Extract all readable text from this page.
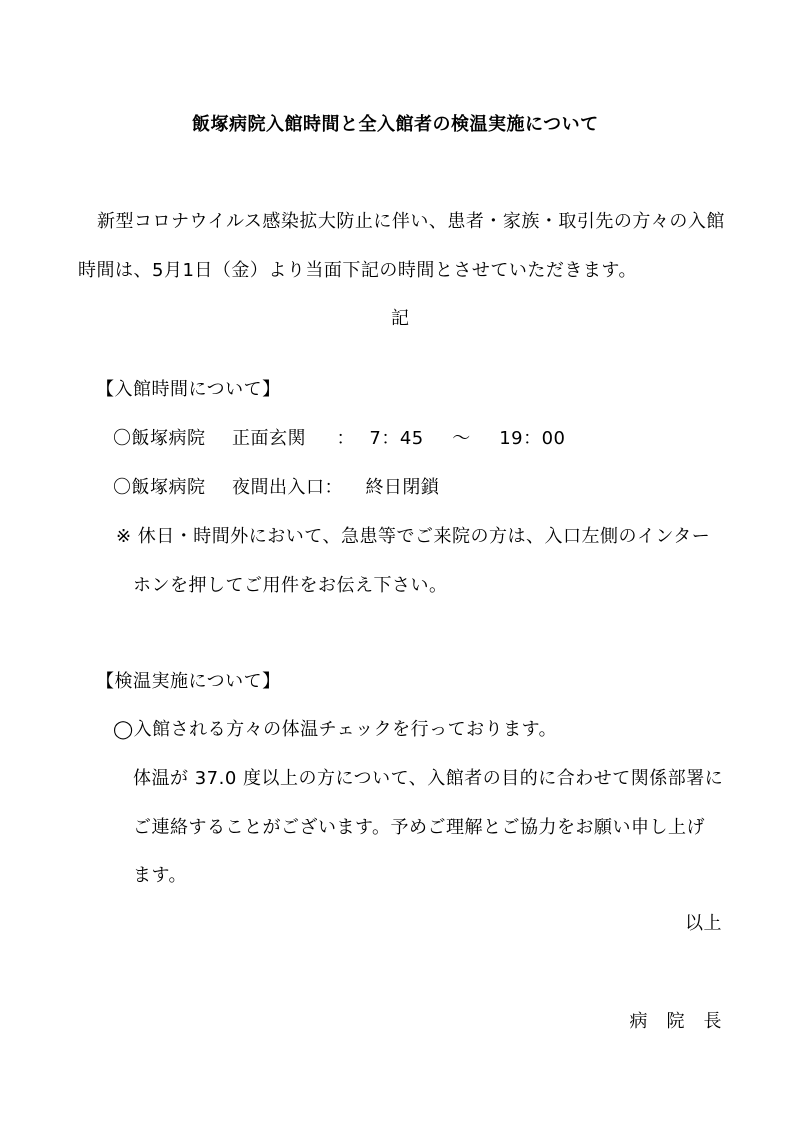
飯塚病院入館時間と全入館者の検温実施について
新型コロナウイルス感染拡大防止に伴い、患者・家族・取引先の方々の入館
時間は、5月1日（金）より当面下記の時間とさせていただきます。
記
【入館時間について】
〇飯塚病院 正面玄関 ： 7：45 〜 19：00
〇飯塚病院 夜間出入口： 終日閉鎖
※ 休日・時間外において、急患等でご来院の方は、入口左側のインター
ホンを押してご用件をお伝え下さい。
【検温実施について】
◯入館される方々の体温チェックを行っております。
体温が 37.0 度以上の方について、入館者の目的に合わせて関係部署に
ご連絡することがございます。予めご理解とご協力をお願い申し上げ
ます。
以上
病　院　長
